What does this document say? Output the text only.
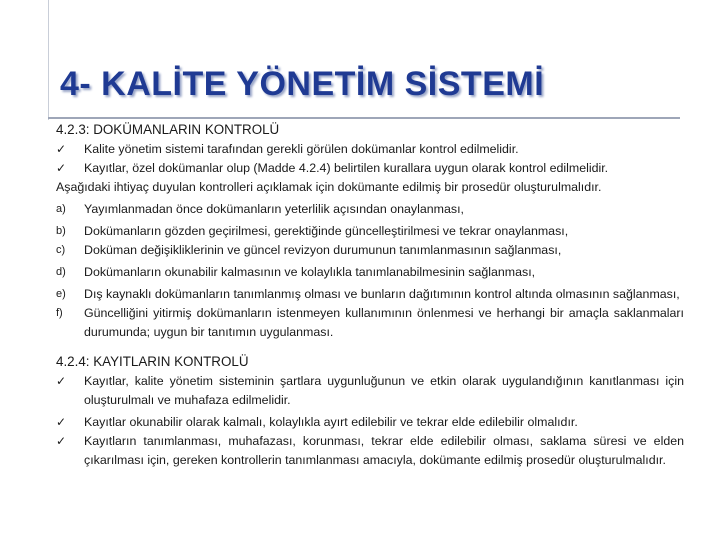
4- KALİTE YÖNETİM SİSTEMİ
4.2.3: DOKÜMANLARIN KONTROLÜ
✓	Kalite yönetim sistemi tarafından gerekli görülen dokümanlar kontrol edilmelidir.
✓	Kayıtlar, özel dokümanlar olup (Madde 4.2.4) belirtilen kurallara uygun olarak kontrol edilmelidir.
Aşağıdaki ihtiyaç duyulan kontrolleri açıklamak için dokümante edilmiş bir prosedür oluşturulmalıdır.
a)	Yayımlanmadan önce dokümanların yeterlilik açısından onaylanması,
b)	Dokümanların gözden geçirilmesi, gerektiğinde güncelleştirilmesi ve tekrar onaylanması,
c)	Doküman değişikliklerinin ve güncel revizyon durumunun tanımlanmasının sağlanması,
d)	Dokümanların okunabilir kalmasının ve kolaylıkla tanımlanabilmesinin sağlanması,
e)	Dış kaynaklı dokümanların tanımlanmış olması ve bunların dağıtımının kontrol altında olmasının sağlanması,
f)	Güncelliğini yitirmiş dokümanların istenmeyen kullanımının önlenmesi ve herhangi bir amaçla saklanmaları durumunda; uygun bir tanıtımın uygulanması.
4.2.4: KAYITLARIN KONTROLÜ
✓	Kayıtlar, kalite yönetim sisteminin şartlara uygunluğunun ve etkin olarak uygulandığının kanıtlanması için oluşturulmalı ve muhafaza edilmelidir.
✓	Kayıtlar okunabilir olarak kalmalı, kolaylıkla ayırt edilebilir ve tekrar elde edilebilir olmalıdır.
✓	Kayıtların tanımlanması, muhafazası, korunması, tekrar elde edilebilir olması, saklama süresi ve elden çıkarılması için, gereken kontrollerin tanımlanması amacıyla, dokümante edilmiş prosedür oluşturulmalıdır.
